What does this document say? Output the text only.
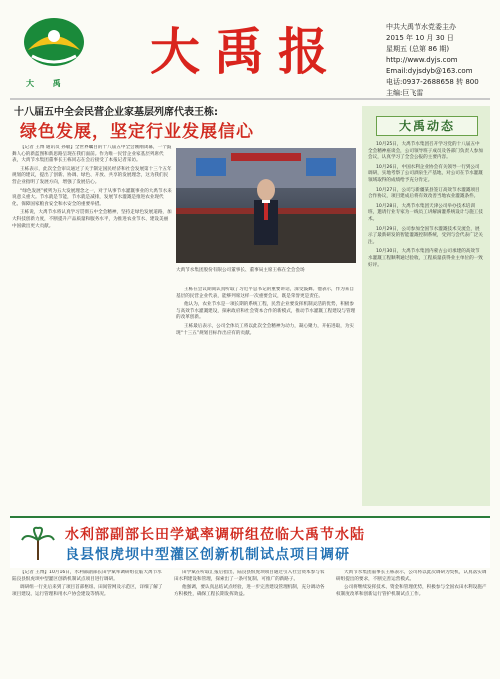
大 禹
大禹报	中共大禹节水党委主办
2015 年 10 月 30 日
星期五 (总第 86 期)
http://www.dyjs.com
Email:dyjsdyb@163.com
电话:0937-2688658 转 800
主编:巨飞雷
十八届五中全会民营企业家基层列席代表王栋:
绿色发展，坚定行业发展信心

【记者 王博 通讯员 孙敏】全世界瞩目的十八届五中全会刚刚闭幕，一个鼓舞人心的新蓝图和新思路呈现在我们面前。作为唯一民营企业家基层列席代表，大禹节水集团董事长王栋同志在会后接受了本报记者采访。

王栋表示，此次全会审议通过了关于制定国民经济和社会发展第十三个五年规划的建议，提出了创新、协调、绿色、开放、共享的发展理念，这为我们民营企业指明了发展方向，增强了发展信心。

“绿色发展”被列为五大发展理念之一，对于从事节水灌溉事业的大禹节水来说意义重大。节水就是节能，节水就是减排，发展节水灌溉是推进农业现代化、保障国家粮食安全和水安全的重要举措。

王栋说，大禹节水将认真学习贯彻五中全会精神，坚持走绿色发展道路，加大科技创新力度，不断提升产品质量和服务水平，为推进农业节水、建设美丽中国做出更大贡献。

大禹节水集团股份有限公司董事长、董事局主席王栋在全会会场

王栋在会议期间认真听取了习近平总书记的重要讲话，深受鼓舞。他表示，作为来自基层的民营企业代表，能够列席这样一次重要会议，既是荣誉更是责任。

他认为，农业节水是一项长期的系统工程，民营企业要发挥机制灵活的优势，积极参与高效节水灌溉建设，探索政府和社会资本合作的新模式，推动节水灌溉工程建设与管理的改革创新。

王栋最后表示，公司全体员工将以此次全会精神为动力，凝心聚力，开拓进取，为实现“十三五”规划目标作出应有的贡献。

大禹动态

10月25日，大禹节水集团召开学习党的十八届五中全会精神座谈会，公司领导班子成员及各部门负责人参加会议，认真学习了全会公报的主要内容。

10月26日，中国水利企业协会有关领导一行到公司调研，实地考察了公司酒泉生产基地，对公司在节水灌溉领域取得的成绩给予充分肯定。

10月27日，公司与新疆某县签订高效节水灌溉项目合作协议，项目建成后将有效改善当地农业灌溉条件。

10月28日，大禹节水集团天津公司举办技术培训班，邀请行业专家为一线员工讲解滴灌系统设计与施工技术。

10月29日，公司参加全国节水灌溉技术交流会，展示了最新研发的智能灌溉控制系统，受到与会代表广泛关注。

10月30日，大禹节水集团内蒙古公司承建的高效节水灌溉工程顺利通过验收，工程质量获得业主单位的一致好评。

水利部副部长田学斌率调研组莅临大禹节水陆
良县恨虎坝中型灌区创新机制试点项目调研

【记者 王博】10月16日，水利部副部长田学斌率调研组莅临大禹节水陆良县恨虎坝中型灌区创新机制试点项目进行调研。

调研组一行先后来到了项目首部枢纽、田间管网及示范区，详细了解了项目建设、运行管理和用水户协会建设等情况。

田学斌在听取汇报后指出，陆良县恨虎坝项目通过引入社会资本参与农田水利建设和管理，探索出了一条可复制、可推广的新路子。

他强调，要认真总结试点经验，进一步完善建设管理机制，充分调动各方积极性，确保工程长期发挥效益。

大禹节水集团董事长王栋表示，公司将以此次调研为契机，认真落实调研组提出的要求，不断完善运营模式。

公司将继续发挥技术、资金和管理优势，积极参与全国农田水利设施产权制度改革和创新运行管护机制试点工作。
